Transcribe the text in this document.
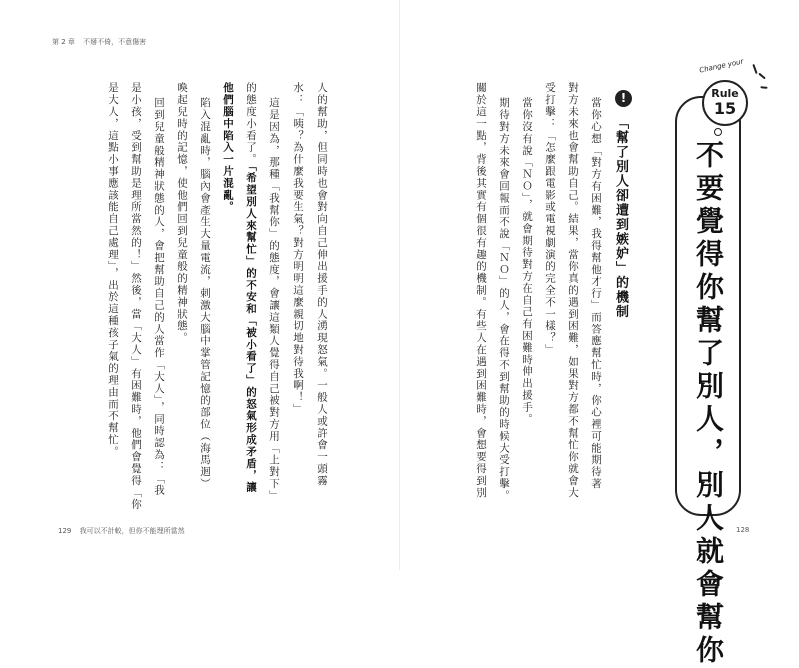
第 2 章 不掰不倚，不意傷害
人的幫助，但同時也會對向自己伸出援手的人湧現怒氣。一般人或許會一頭霧
水：「咦？為什麼我要生氣？對方明明這麼親切地對待我啊！」
這是因為，那種「我幫你」的態度，會讓這類人覺得自己被對方用「上對下」
的態度小看了。「希望別人來幫忙」的不安和「被小看了」的怒氣形成矛盾，讓
他們腦中陷入一片混亂。
陷入混亂時，腦內會產生大量電流，刺激大腦中掌管記憶的部位（海馬迴）
喚起兒時的記憶，使他們回到兒童般的精神狀態。
回到兒童般精神狀態的人，會把幫助自己的人當作「大人」，同時認為：「我
是小孩，受到幫助是理所當然的！」然後，當「大人」有困難時，他們會覺得「你
是大人，這點小事應該能自己處理」，出於這種孩子氣的理由而不幫忙。
129 我可以不計較，但你不能理所當然	不要覺得你幫了別人，別人就會幫你
Change your
Rule
15
!
「幫了別人卻遭到嫉妒」的機制
當你心想「對方有困難，我得幫他才行」而答應幫忙時，你心裡可能期待著
對方未來也會幫助自己。結果，當你真的遇到困難，如果對方都不幫忙你就會大
受打擊：「怎麼跟電影或電視劇演的完全不一樣？」
當你沒有說「ＮＯ」，就會期待對方在自己有困難時伸出援手。
期待對方未來會回報而不說「ＮＯ」的人，會在得不到幫助的時候大受打擊。
關於這一點，背後其實有個很有趣的機制。有些人在遇到困難時，會想要得到別
128
